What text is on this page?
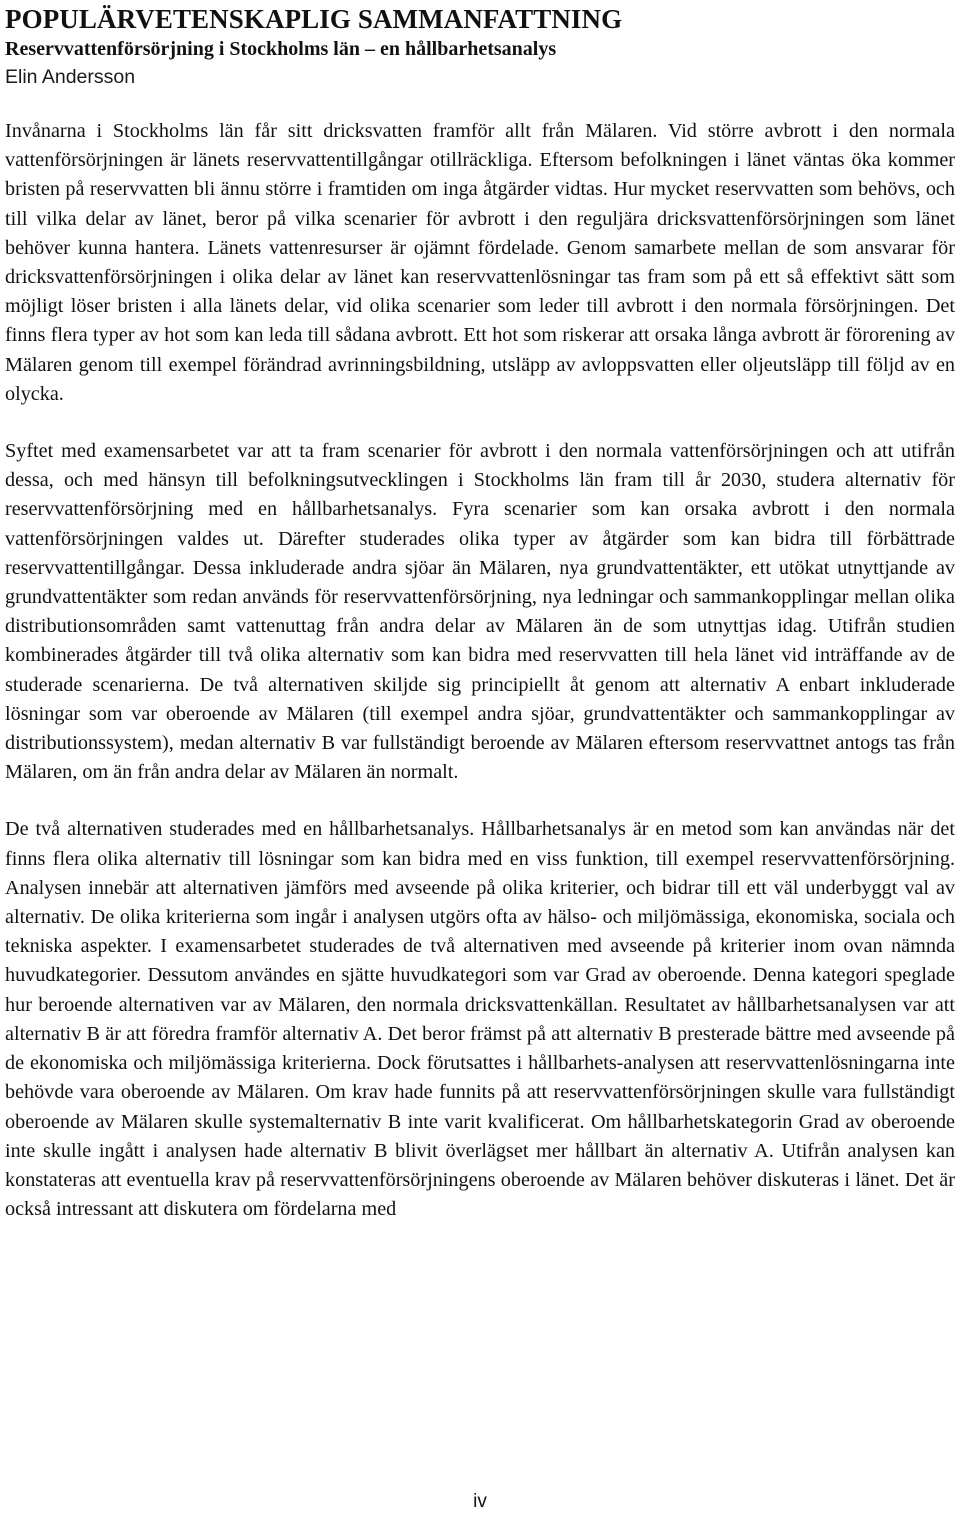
POPULÄRVETENSKAPLIG SAMMANFATTNING
Reservvattenförsörjning i Stockholms län – en hållbarhetsanalys

Elin Andersson

Invånarna i Stockholms län får sitt dricksvatten framför allt från Mälaren. Vid större avbrott i den normala vattenförsörjningen är länets reservvattentillgångar otillräckliga. Eftersom befolkningen i länet väntas öka kommer bristen på reservvatten bli ännu större i framtiden om inga åtgärder vidtas. Hur mycket reservvatten som behövs, och till vilka delar av länet, beror på vilka scenarier för avbrott i den reguljära dricksvattenförsörjningen som länet behöver kunna hantera. Länets vattenresurser är ojämnt fördelade. Genom samarbete mellan de som ansvarar för dricksvattenförsörjningen i olika delar av länet kan reservvattenlösningar tas fram som på ett så effektivt sätt som möjligt löser bristen i alla länets delar, vid olika scenarier som leder till avbrott i den normala försörjningen. Det finns flera typer av hot som kan leda till sådana avbrott. Ett hot som riskerar att orsaka långa avbrott är förorening av Mälaren genom till exempel förändrad avrinningsbildning, utsläpp av avloppsvatten eller oljeutsläpp till följd av en olycka.

Syftet med examensarbetet var att ta fram scenarier för avbrott i den normala vattenförsörjningen och att utifrån dessa, och med hänsyn till befolkningsutvecklingen i Stockholms län fram till år 2030, studera alternativ för reservvattenförsörjning med en hållbarhetsanalys. Fyra scenarier som kan orsaka avbrott i den normala vattenförsörjningen valdes ut. Därefter studerades olika typer av åtgärder som kan bidra till förbättrade reservvattentillgångar. Dessa inkluderade andra sjöar än Mälaren, nya grundvattentäkter, ett utökat utnyttjande av grundvattentäkter som redan används för reservvattenförsörjning, nya ledningar och sammankopplingar mellan olika distributionsområden samt vattenuttag från andra delar av Mälaren än de som utnyttjas idag. Utifrån studien kombinerades åtgärder till två olika alternativ som kan bidra med reservvatten till hela länet vid inträffande av de studerade scenarierna. De två alternativen skiljde sig principiellt åt genom att alternativ A enbart inkluderade lösningar som var oberoende av Mälaren (till exempel andra sjöar, grundvattentäkter och sammankopplingar av distributionssystem), medan alternativ B var fullständigt beroende av Mälaren eftersom reservvattnet antogs tas från Mälaren, om än från andra delar av Mälaren än normalt.

De två alternativen studerades med en hållbarhetsanalys. Hållbarhetsanalys är en metod som kan användas när det finns flera olika alternativ till lösningar som kan bidra med en viss funktion, till exempel reservvattenförsörjning. Analysen innebär att alternativen jämförs med avseende på olika kriterier, och bidrar till ett väl underbyggt val av alternativ. De olika kriterierna som ingår i analysen utgörs ofta av hälso- och miljömässiga, ekonomiska, sociala och tekniska aspekter. I examensarbetet studerades de två alternativen med avseende på kriterier inom ovan nämnda huvudkategorier. Dessutom användes en sjätte huvudkategori som var Grad av oberoende. Denna kategori speglade hur beroende alternativen var av Mälaren, den normala dricksvattenkällan. Resultatet av hållbarhetsanalysen var att alternativ B är att föredra framför alternativ A. Det beror främst på att alternativ B presterade bättre med avseende på de ekonomiska och miljömässiga kriterierna. Dock förutsattes i hållbarhets-analysen att reservvattenlösningarna inte behövde vara oberoende av Mälaren. Om krav hade funnits på att reservvattenförsörjningen skulle vara fullständigt oberoende av Mälaren skulle systemalternativ B inte varit kvalificerat. Om hållbarhetskategorin Grad av oberoende inte skulle ingått i analysen hade alternativ B blivit överlägset mer hållbart än alternativ A. Utifrån analysen kan konstateras att eventuella krav på reservvattenförsörjningens oberoende av Mälaren behöver diskuteras i länet. Det är också intressant att diskutera om fördelarna med

iv
